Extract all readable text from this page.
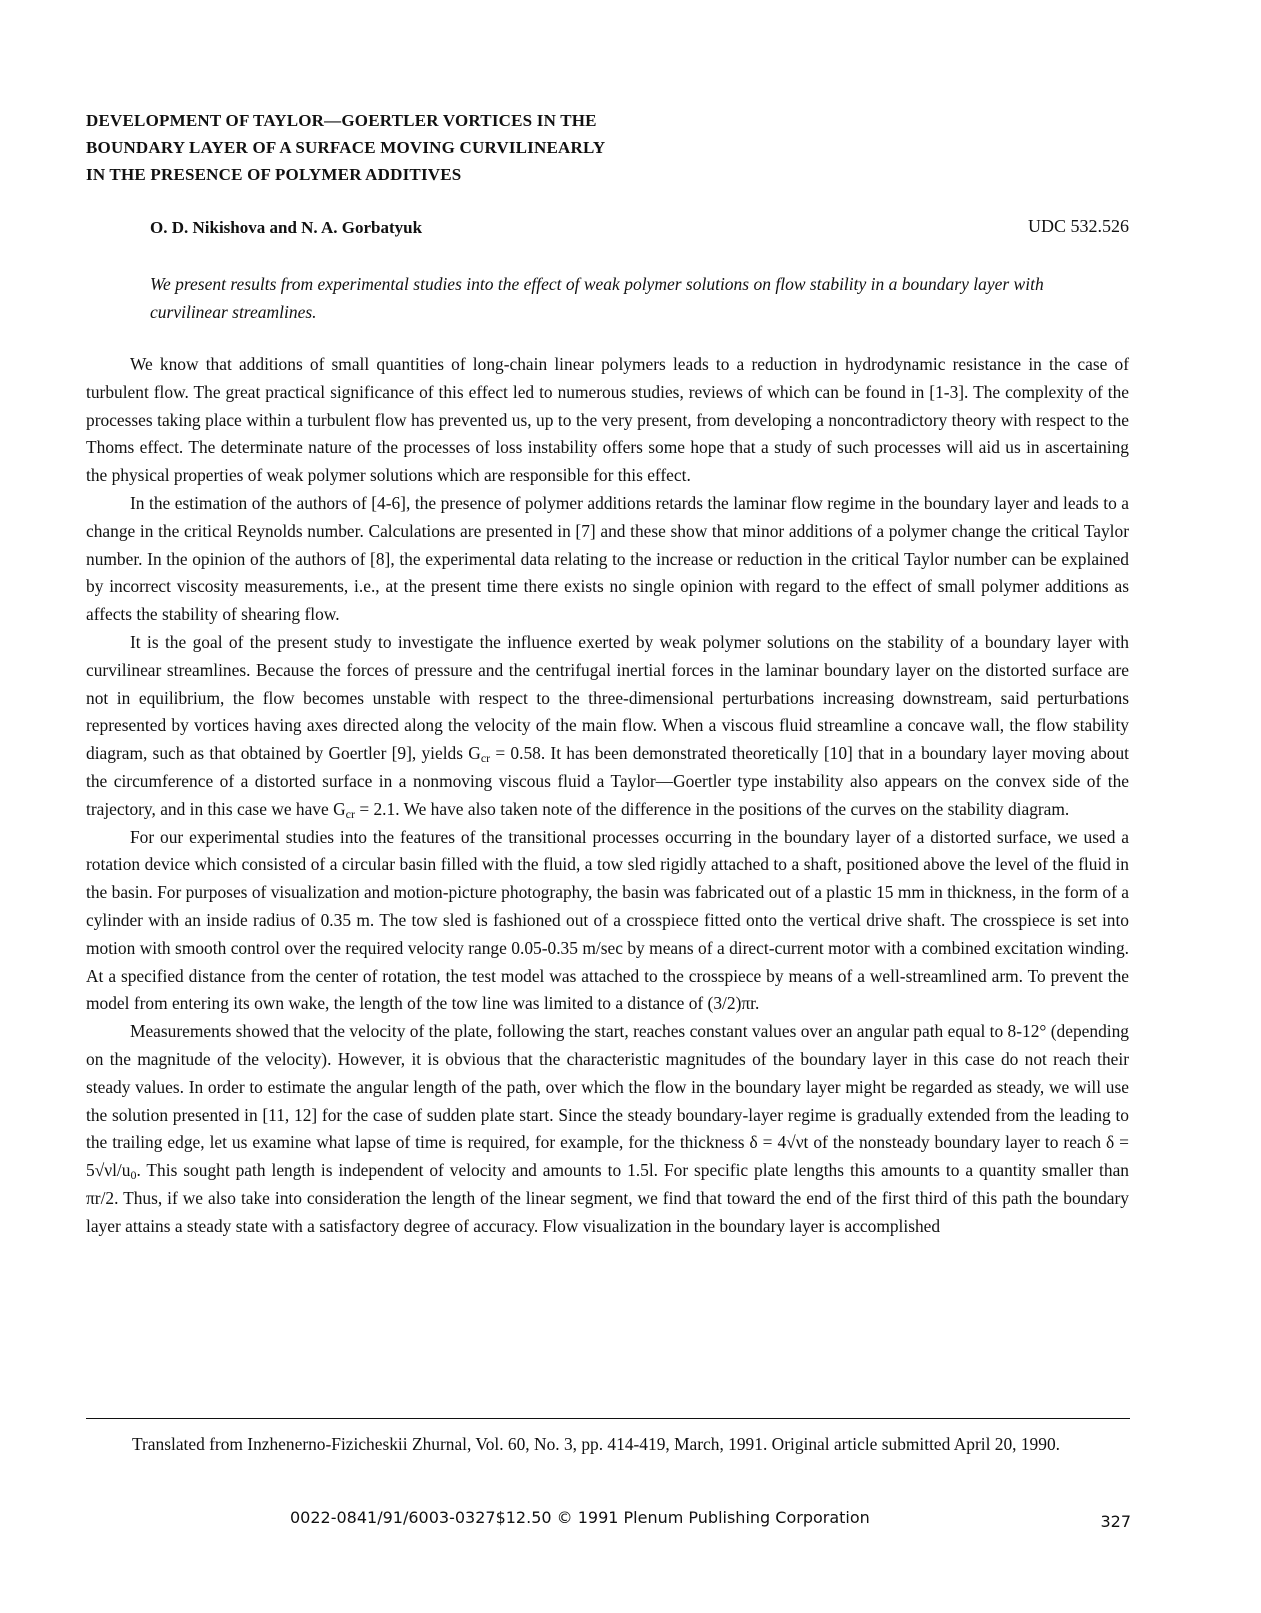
DEVELOPMENT OF TAYLOR—GOERTLER VORTICES IN THE
BOUNDARY LAYER OF A SURFACE MOVING CURVILINEARLY
IN THE PRESENCE OF POLYMER ADDITIVES
O. D. Nikishova and N. A. Gorbatyuk	UDC 532.526
We present results from experimental studies into the effect of weak polymer solutions on flow stability in a boundary layer with curvilinear streamlines.

We know that additions of small quantities of long-chain linear polymers leads to a reduction in hydrodynamic resistance in the case of turbulent flow. The great practical significance of this effect led to numerous studies, reviews of which can be found in [1-3]. The complexity of the processes taking place within a turbulent flow has prevented us, up to the very present, from developing a noncontradictory theory with respect to the Thoms effect. The determinate nature of the processes of loss instability offers some hope that a study of such processes will aid us in ascertaining the physical properties of weak polymer solutions which are responsible for this effect.

In the estimation of the authors of [4-6], the presence of polymer additions retards the laminar flow regime in the boundary layer and leads to a change in the critical Reynolds number. Calculations are presented in [7] and these show that minor additions of a polymer change the critical Taylor number. In the opinion of the authors of [8], the experimental data relating to the increase or reduction in the critical Taylor number can be explained by incorrect viscosity measurements, i.e., at the present time there exists no single opinion with regard to the effect of small polymer additions as affects the stability of shearing flow.

It is the goal of the present study to investigate the influence exerted by weak polymer solutions on the stability of a boundary layer with curvilinear streamlines. Because the forces of pressure and the centrifugal inertial forces in the laminar boundary layer on the distorted surface are not in equilibrium, the flow becomes unstable with respect to the three-dimensional perturbations increasing downstream, said perturbations represented by vortices having axes directed along the velocity of the main flow. When a viscous fluid streamline a concave wall, the flow stability diagram, such as that obtained by Goertler [9], yields $G_{cr} = 0.58$. It has been demonstrated theoretically [10] that in a boundary layer moving about the circumference of a distorted surface in a nonmoving viscous fluid a Taylor—Goertler type instability also appears on the convex side of the trajectory, and in this case we have $G_{cr} = 2.1$. We have also taken note of the difference in the positions of the curves on the stability diagram.

For our experimental studies into the features of the transitional processes occurring in the boundary layer of a distorted surface, we used a rotation device which consisted of a circular basin filled with the fluid, a tow sled rigidly attached to a shaft, positioned above the level of the fluid in the basin. For purposes of visualization and motion-picture photography, the basin was fabricated out of a plastic 15 mm in thickness, in the form of a cylinder with an inside radius of 0.35 m. The tow sled is fashioned out of a crosspiece fitted onto the vertical drive shaft. The crosspiece is set into motion with smooth control over the required velocity range 0.05-0.35 m/sec by means of a direct-current motor with a combined excitation winding. At a specified distance from the center of rotation, the test model was attached to the crosspiece by means of a well-streamlined arm. To prevent the model from entering its own wake, the length of the tow line was limited to a distance of (3/2)πr.

Measurements showed that the velocity of the plate, following the start, reaches constant values over an angular path equal to 8-12° (depending on the magnitude of the velocity). However, it is obvious that the characteristic magnitudes of the boundary layer in this case do not reach their steady values. In order to estimate the angular length of the path, over which the flow in the boundary layer might be regarded as steady, we will use the solution presented in [11, 12] for the case of sudden plate start. Since the steady boundary-layer regime is gradually extended from the leading to the trailing edge, let us examine what lapse of time is required, for example, for the thickness δ = 4√νt of the nonsteady boundary layer to reach $\delta = 5√\nu l/u_0$. This sought path length is independent of velocity and amounts to 1.5l. For specific plate lengths this amounts to a quantity smaller than πr/2. Thus, if we also take into consideration the length of the linear segment, we find that toward the end of the first third of this path the boundary layer attains a steady state with a satisfactory degree of accuracy. Flow visualization in the boundary layer is accomplished

Translated from Inzhenerno-Fizicheskii Zhurnal, Vol. 60, No. 3, pp. 414-419, March, 1991. Original article submitted April 20, 1990.
0022-0841/91/6003-0327$12.50 © 1991 Plenum Publishing Corporation	327
